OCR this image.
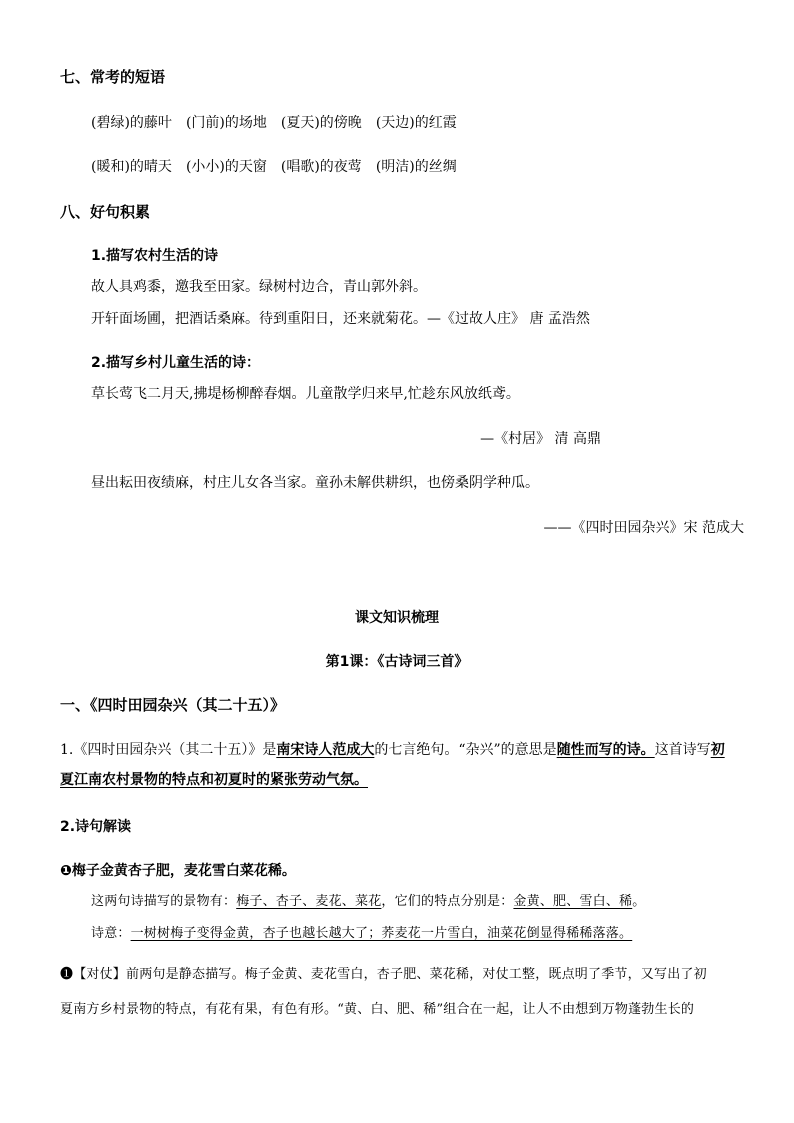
七、常考的短语
(碧绿)的藤叶 (门前)的场地 (夏天)的傍晚 (天边)的红霞
(暖和)的晴天 (小小)的天窗 (唱歌)的夜莺 (明洁)的丝绸
八、好句积累
1.描写农村生活的诗
故人具鸡黍，邀我至田家。绿树村边合，青山郭外斜。
开轩面场圃，把酒话桑麻。待到重阳日，还来就菊花。—《过故人庄》 唐 孟浩然
2.描写乡村儿童生活的诗：
草长莺飞二月天,拂堤杨柳醉春烟。儿童散学归来早,忙趁东风放纸鸢。
—《村居》 清 高鼎
昼出耘田夜绩麻，村庄儿女各当家。童孙未解供耕织，也傍桑阴学种瓜。
——《四时田园杂兴》宋 范成大
课文知识梳理
第1课：《古诗词三首》
一、《四时田园杂兴（其二十五）》
1.《四时田园杂兴（其二十五）》是南宋诗人范成大的七言绝句。“杂兴”的意思是随性而写的诗。这首诗写初
夏江南农村景物的特点和初夏时的紧张劳动气氛。
2.诗句解读
❶梅子金黄杏子肥，麦花雪白菜花稀。
这两句诗描写的景物有：梅子、杏子、麦花、菜花，它们的特点分别是：金黄、肥、雪白、稀。
诗意：一树树梅子变得金黄，杏子也越长越大了；荞麦花一片雪白，油菜花倒显得稀稀落落。
❶【对仗】前两句是静态描写。梅子金黄、麦花雪白，杏子肥、菜花稀，对仗工整，既点明了季节，又写出了初
夏南方乡村景物的特点，有花有果，有色有形。“黄、白、肥、稀”组合在一起，让人不由想到万物蓬勃生长的
